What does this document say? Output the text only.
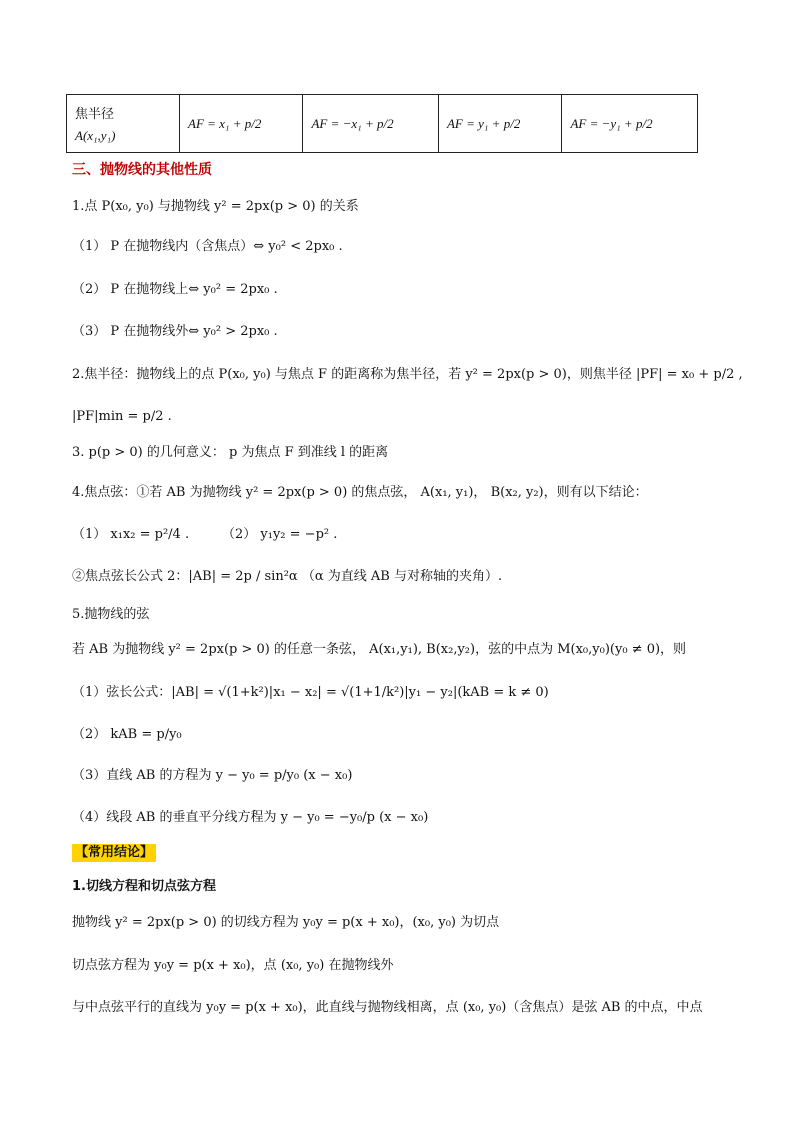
焦半径
A(x₁,y₁)
	AF = x₁ + p/2	AF = −x₁ + p/2	AF = y₁ + p/2	AF = −y₁ + p/2
三、抛物线的其他性质
1.点 P(x₀, y₀) 与抛物线 y² = 2px(p > 0) 的关系
（1） P 在抛物线内（含焦点）⇔ y₀² < 2px₀ .
（2） P 在抛物线上⇔ y₀² = 2px₀ .
（3） P 在抛物线外⇔ y₀² > 2px₀ .
2.焦半径：抛物线上的点 P(x₀, y₀) 与焦点 F 的距离称为焦半径，若 y² = 2px(p > 0)，则焦半径 |PF| = x₀ + p/2 ,
|PF|min = p/2 .
3. p(p > 0) 的几何意义： p 为焦点 F 到准线 l 的距离
4.焦点弦：①若 AB 为抛物线 y² = 2px(p > 0) 的焦点弦， A(x₁, y₁)， B(x₂, y₂)，则有以下结论：
（1） x₁x₂ = p²/4 .	（2） y₁y₂ = −p² .
②焦点弦长公式 2：|AB| = 2p / sin²α （α 为直线 AB 与对称轴的夹角）.
5.抛物线的弦
若 AB 为抛物线 y² = 2px(p > 0) 的任意一条弦， A(x₁,y₁), B(x₂,y₂)，弦的中点为 M(x₀,y₀)(y₀ ≠ 0)，则
（1）弦长公式：|AB| = √(1+k²)|x₁ − x₂| = √(1+1/k²)|y₁ − y₂|(kAB = k ≠ 0)
（2） kAB = p/y₀
（3）直线 AB 的方程为 y − y₀ = p/y₀ (x − x₀)
（4）线段 AB 的垂直平分线方程为 y − y₀ = −y₀/p (x − x₀)
【常用结论】
1.切线方程和切点弦方程
抛物线 y² = 2px(p > 0) 的切线方程为 y₀y = p(x + x₀)，(x₀, y₀) 为切点
切点弦方程为 y₀y = p(x + x₀)，点 (x₀, y₀) 在抛物线外
与中点弦平行的直线为 y₀y = p(x + x₀)，此直线与抛物线相离，点 (x₀, y₀)（含焦点）是弦 AB 的中点，中点
